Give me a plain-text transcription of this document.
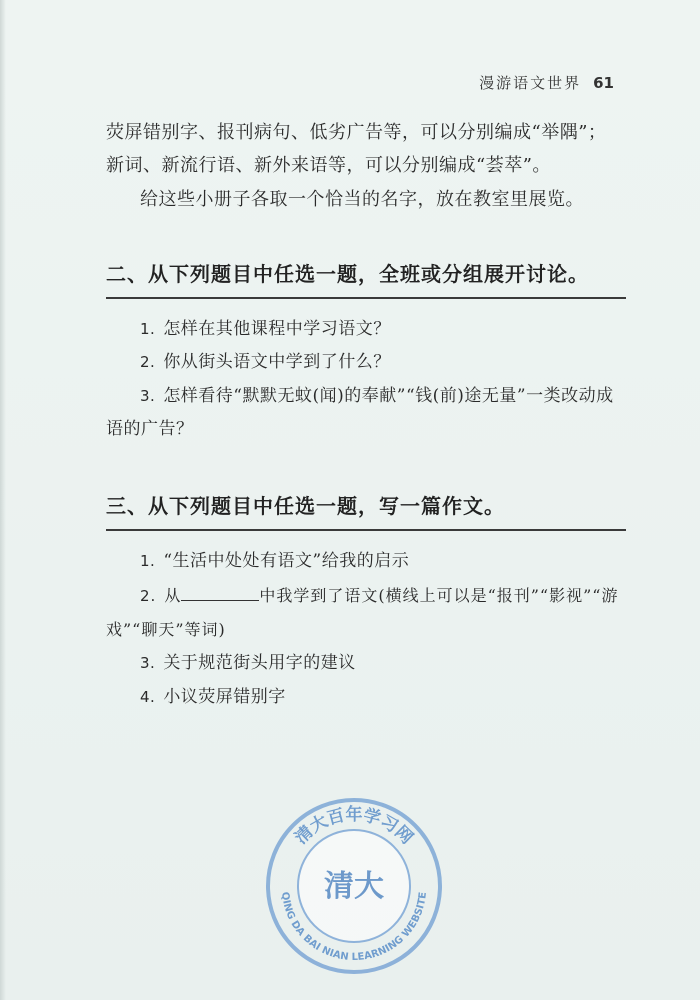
漫游语文世界 61

荧屏错别字、报刊病句、低劣广告等，可以分别编成“举隅”；
新词、新流行语、新外来语等，可以分别编成“荟萃”。

给这些小册子各取一个恰当的名字，放在教室里展览。

二、从下列题目中任选一题，全班或分组展开讨论。
1. 怎样在其他课程中学习语文？
2. 你从街头语文中学到了什么？
3. 怎样看待“默默无蚊(闻)的奉献”“钱(前)途无量”一类改动成语的广告？
三、从下列题目中任选一题，写一篇作文。
1. “生活中处处有语文”给我的启示
2. 从	中我学到了语文(横线上可以是“报刊”“影视”“游戏”“聊天”等词)
3. 关于规范街头用字的建议
4. 小议荧屏错别字
清大百年学习网
QING DA BAI NIAN LEARNING WEBSITE
清大
